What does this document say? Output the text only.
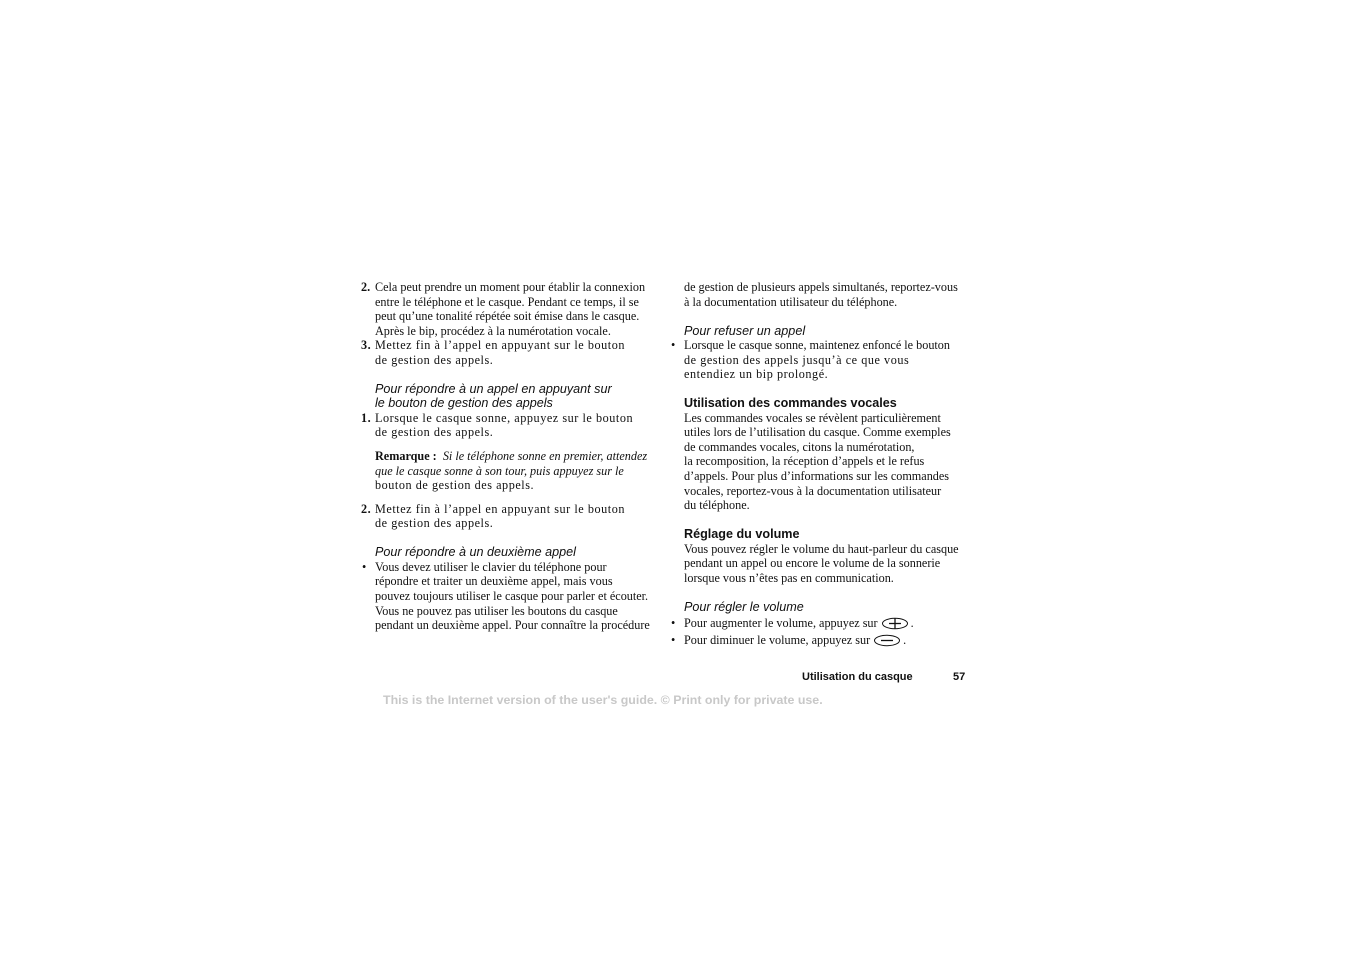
2. Cela peut prendre un moment pour établir la connexion
entre le téléphone et le casque. Pendant ce temps, il se
peut qu’une tonalité répétée soit émise dans le casque.
Après le bip, procédez à la numérotation vocale.
3. Mettez fin à l’appel en appuyant sur le bouton
de gestion des appels.
Pour répondre à un appel en appuyant sur
le bouton de gestion des appels
1. Lorsque le casque sonne, appuyez sur le bouton
de gestion des appels.
Remarque : Si le téléphone sonne en premier, attendez
que le casque sonne à son tour, puis appuyez sur le
bouton de gestion des appels.
2. Mettez fin à l’appel en appuyant sur le bouton
de gestion des appels.
Pour répondre à un deuxième appel
• Vous devez utiliser le clavier du téléphone pour
répondre et traiter un deuxième appel, mais vous
pouvez toujours utiliser le casque pour parler et écouter.
Vous ne pouvez pas utiliser les boutons du casque
pendant un deuxième appel. Pour connaître la procédure
de gestion de plusieurs appels simultanés, reportez-vous
à la documentation utilisateur du téléphone.
Pour refuser un appel
• Lorsque le casque sonne, maintenez enfoncé le bouton
de gestion des appels jusqu’à ce que vous
entendiez un bip prolongé.
Utilisation des commandes vocales
Les commandes vocales se révèlent particulièrement
utiles lors de l’utilisation du casque. Comme exemples
de commandes vocales, citons la numérotation,
la recomposition, la réception d’appels et le refus
d’appels. Pour plus d’informations sur les commandes
vocales, reportez-vous à la documentation utilisateur
du téléphone.
Réglage du volume
Vous pouvez régler le volume du haut-parleur du casque
pendant un appel ou encore le volume de la sonnerie
lorsque vous n’êtes pas en communication.
Pour régler le volume
• Pour augmenter le volume, appuyez sur	.
• Pour diminuer le volume, appuyez sur	.
Utilisation du casque	57
This is the Internet version of the user's guide. © Print only for private use.
